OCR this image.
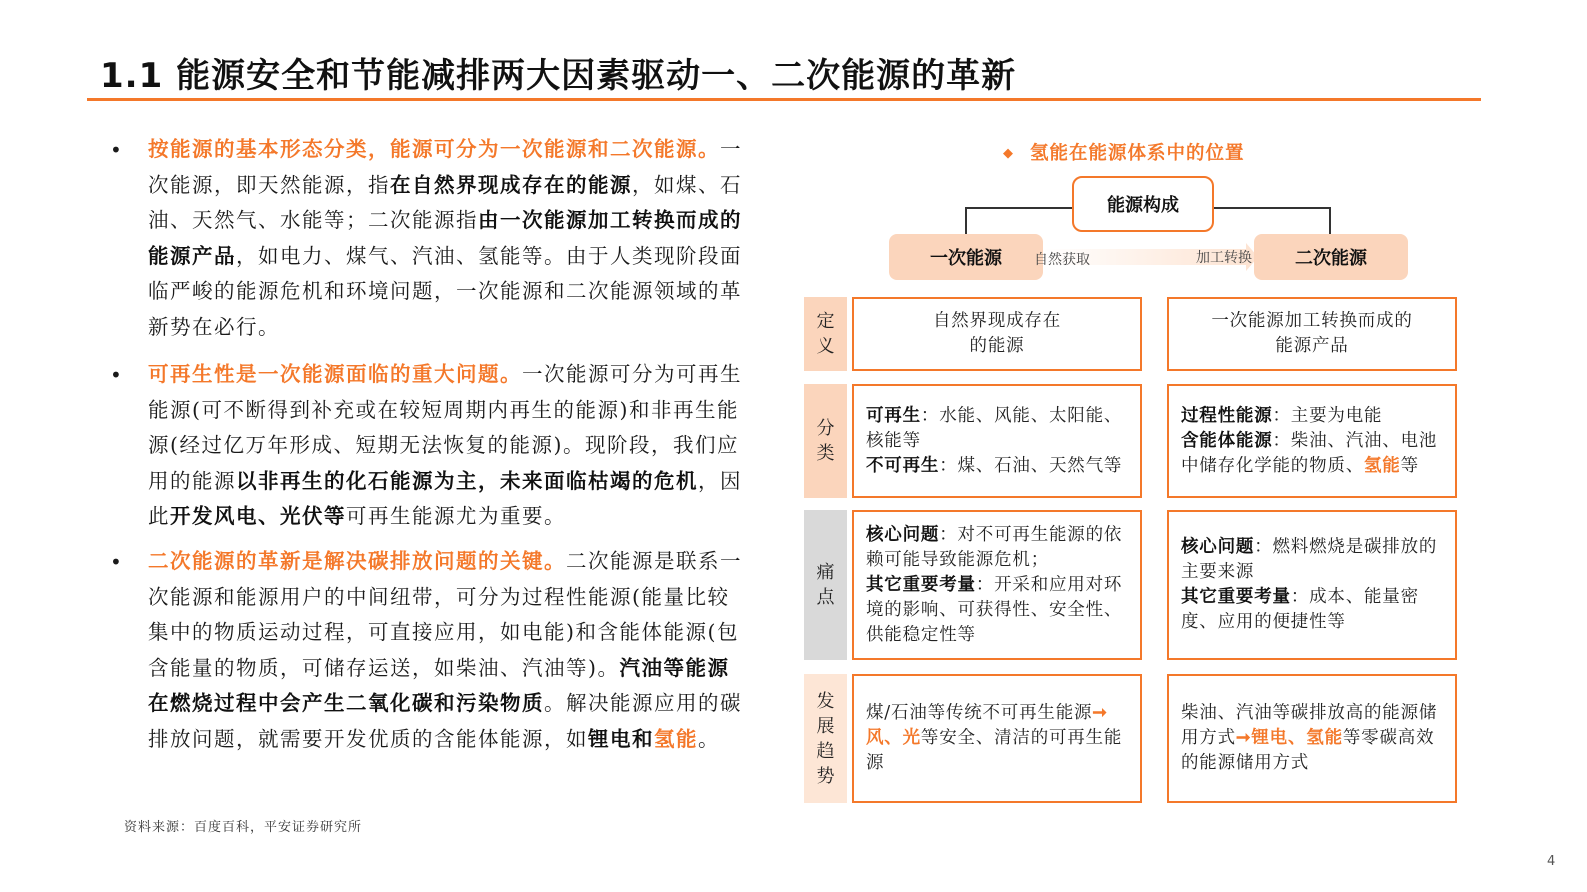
1.1 能源安全和节能减排两大因素驱动一、二次能源的革新
• 按能源的基本形态分类，能源可分为一次能源和二次能源。一次能源，即天然能源，指在自然界现成存在的能源，如煤、石油、天然气、水能等；二次能源指由一次能源加工转换而成的能源产品，如电力、煤气、汽油、氢能等。由于人类现阶段面临严峻的能源危机和环境问题，一次能源和二次能源领域的革新势在必行。
• 可再生性是一次能源面临的重大问题。一次能源可分为可再生能源(可不断得到补充或在较短周期内再生的能源)和非再生能源(经过亿万年形成、短期无法恢复的能源)。现阶段，我们应用的能源以非再生的化石能源为主，未来面临枯竭的危机，因此开发风电、光伏等可再生能源尤为重要。
• 二次能源的革新是解决碳排放问题的关键。二次能源是联系一次能源和能源用户的中间纽带，可分为过程性能源(能量比较集中的物质运动过程，可直接应用，如电能)和含能体能源(包含能量的物质，可储存运送，如柴油、汽油等)。汽油等能源在燃烧过程中会产生二氧化碳和污染物质。解决能源应用的碳排放问题，就需要开发优质的含能体能源，如锂电和氢能。
资料来源：百度百科，平安证券研究所
◆ 氢能在能源体系中的位置
能源构成
一次能源	二次能源
自然获取	加工转换
定
义
自然界现成存在
的能源
一次能源加工转换而成的
能源产品
分
类
可再生：水能、风能、太阳能、核能等
不可再生：煤、石油、天然气等
过程性能源：主要为电能
含能体能源：柴油、汽油、电池中储存化学能的物质、氢能等
痛
点
核心问题：对不可再生能源的依赖可能导致能源危机；
其它重要考量：开采和应用对环境的影响、可获得性、安全性、供能稳定性等
核心问题：燃料燃烧是碳排放的主要来源
其它重要考量：成本、能量密度、应用的便捷性等
发
展
趋
势
煤/石油等传统不可再生能源➞风、光等安全、清洁的可再生能源
柴油、汽油等碳排放高的能源储用方式➞锂电、氢能等零碳高效的能源储用方式
4
